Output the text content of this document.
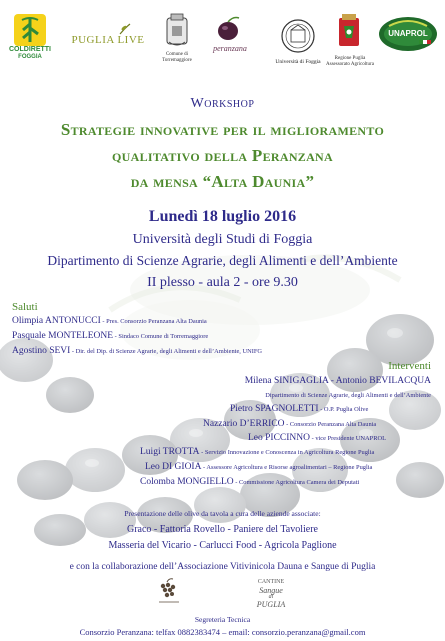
COLDIRETTI
FOGGIA
PUGLIA LIVE
Comune di
Torremaggiore
peranzana
Università di Foggia
Regione Puglia
Assessorato Agricoltura
UNAPROL
Workshop
Strategie innovative per il miglioramento
qualitativo della Peranzana
da mensa “Alta Daunia”
Lunedì 18 luglio 2016
Università degli Studi di Foggia
Dipartimento di Scienze Agrarie, degli Alimenti e dell’Ambiente
II plesso - aula 2 - ore 9.30
Saluti
Olimpia ANTONUCCI - Pres. Consorzio Peranzana Alta Daunia
Pasquale MONTELEONE - Sindaco Comune di Torremaggiore
Agostino SEVI - Dir. del Dip. di Scienze Agrarie, degli Alimenti e dell’Ambiente, UNIFG
Interventi
Milena SINIGAGLIA - Antonio BEVILACQUA
Dipartimento di Scienze Agrarie, degli Alimenti e dell’Ambiente
Pietro SPAGNOLETTI - O.P. Puglia Olive
Nazzario D’ERRICO - Consorzio Peranzana Alta Daunia
Leo PICCINNO - vice Presidente UNAPROL
Luigi TROTTA - Servizio Innovazione e Conoscenza in Agricoltura Regione Puglia
Leo DI GIOIA - Assessore Agricoltura e Risorse agroalimentari – Regione Puglia
Colomba MONGIELLO - Commissione Agricoltura Camera dei Deputati
Presentazione delle olive da tavola a cura delle aziende associate:
Graco - Fattoria Rovello - Paniere del Tavoliere
Masseria del Vicario - Carlucci Food - Agricola Paglione
e con la collaborazione dell’Associazione Vitivinicola Dauna e Sangue di Puglia
CANTINE
Sangue
di
PUGLIA
Segreteria Tecnica
Consorzio Peranzana: telfax 0882383474 – email: consorzio.peranzana@gmail.com
